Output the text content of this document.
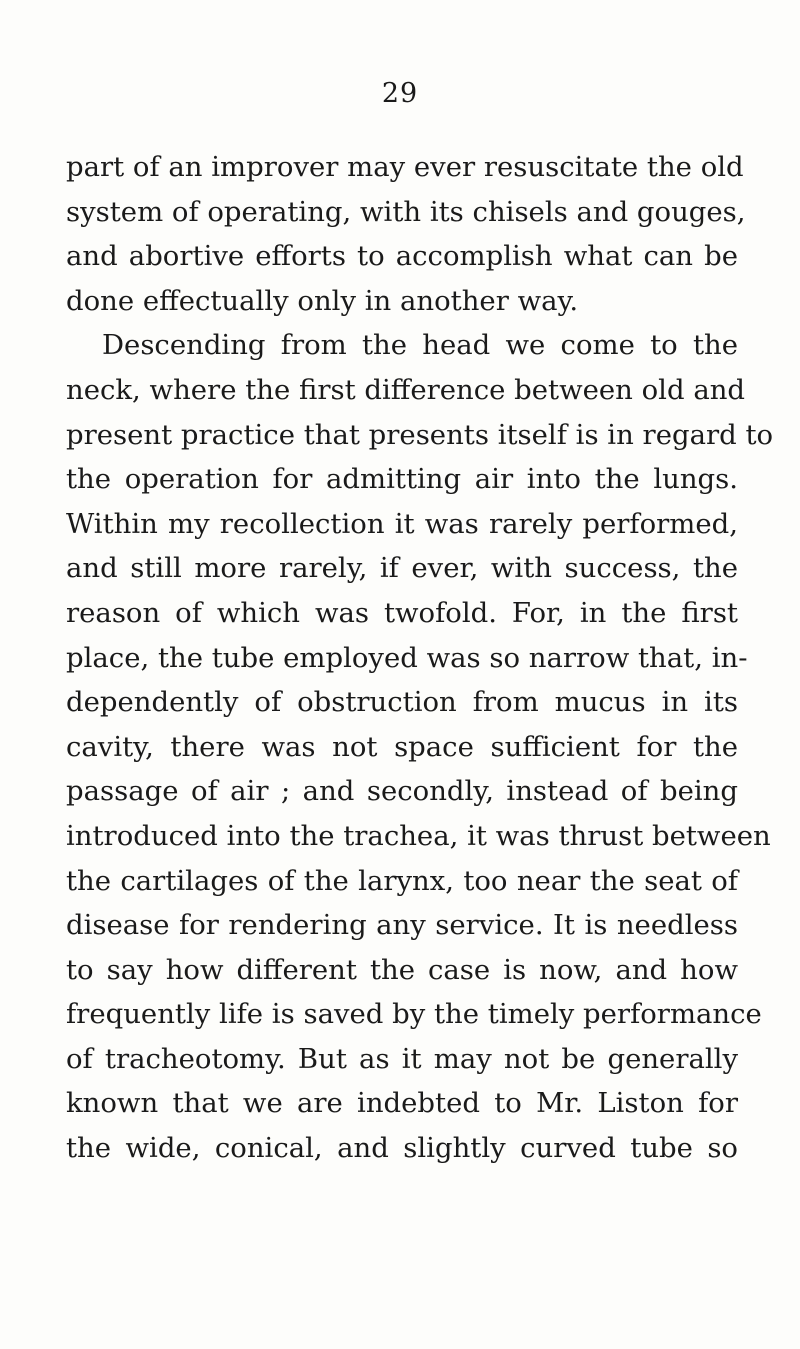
29
part of an improver may ever resuscitate the old
system of operating, with its chisels and gouges,
and abortive efforts to accomplish what can be
done effectually only in another way.
Descending from the head we come to the
neck, where the first difference between old and
present practice that presents itself is in regard to
the operation for admitting air into the lungs.
Within my recollection it was rarely performed,
and still more rarely, if ever, with success, the
reason of which was twofold. For, in the first
place, the tube employed was so narrow that, in-
dependently of obstruction from mucus in its
cavity, there was not space sufficient for the
passage of air ; and secondly, instead of being
introduced into the trachea, it was thrust between
the cartilages of the larynx, too near the seat of
disease for rendering any service. It is needless
to say how different the case is now, and how
frequently life is saved by the timely performance
of tracheotomy. But as it may not be generally
known that we are indebted to Mr. Liston for
the wide, conical, and slightly curved tube so
